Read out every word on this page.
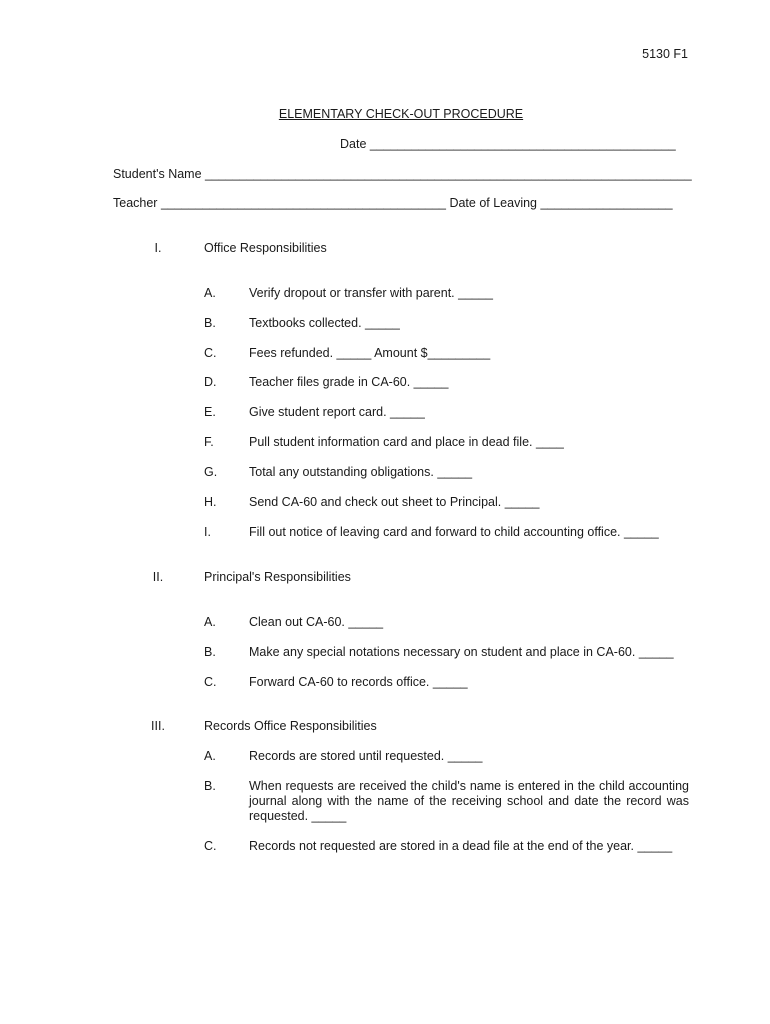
5130 F1
ELEMENTARY CHECK-OUT PROCEDURE
Date ____________________________________________
Student's Name ______________________________________________________________________
Teacher _________________________________________ Date of Leaving ___________________
I.	Office Responsibilities
A.	Verify dropout or transfer with parent. _____
B.	Textbooks collected. _____
C.	Fees refunded. _____ Amount $_________
D.	Teacher files grade in CA-60. _____
E.	Give student report card. _____
F.	Pull student information card and place in dead file. ____
G.	Total any outstanding obligations. _____
H.	Send CA-60 and check out sheet to Principal. _____
I.	Fill out notice of leaving card and forward to child accounting office. _____
II.	Principal's Responsibilities
A.	Clean out CA-60. _____
B.	Make any special notations necessary on student and place in CA-60. _____
C.	Forward CA-60 to records office. _____
III.	Records Office Responsibilities
A.	Records are stored until requested. _____
B.	When requests are received the child's name is entered in the child accounting journal along with the name of the receiving school and date the record was requested. _____
C.	Records not requested are stored in a dead file at the end of the year. _____
